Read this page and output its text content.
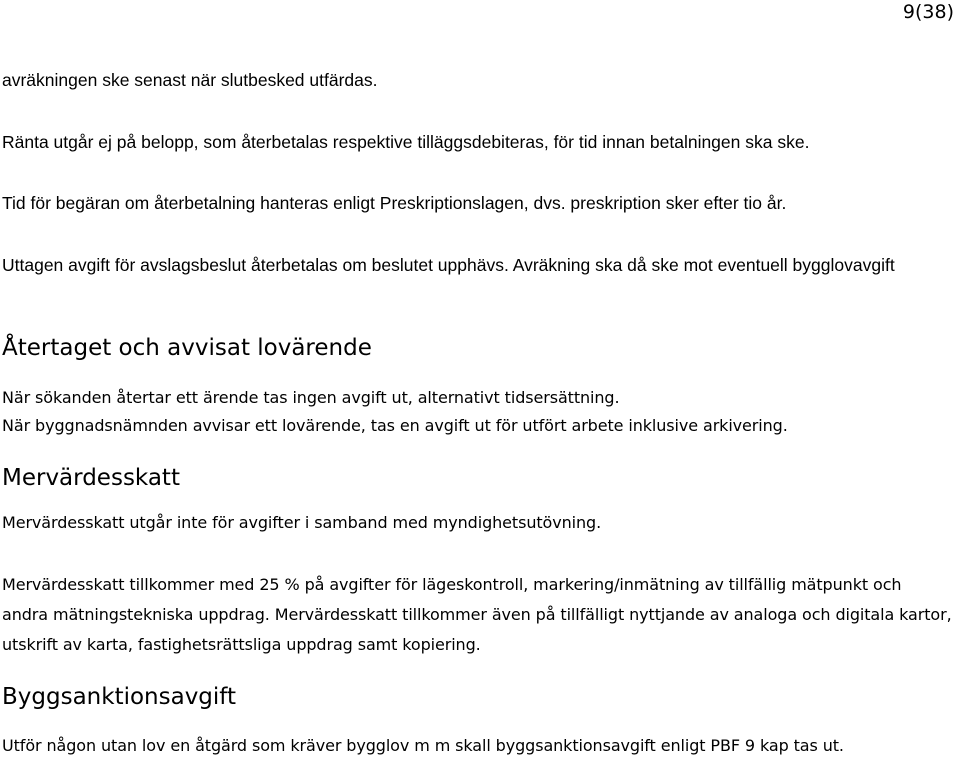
9(38)

avräkningen ske senast när slutbesked utfärdas.

Ränta utgår ej på belopp, som återbetalas respektive tilläggsdebiteras, för tid innan betalningen ska ske.

Tid för begäran om återbetalning hanteras enligt Preskriptionslagen, dvs. preskription sker efter tio år.

Uttagen avgift för avslagsbeslut återbetalas om beslutet upphävs. Avräkning ska då ske mot eventuell bygglovavgift

Återtaget och avvisat lovärende

När sökanden återtar ett ärende tas ingen avgift ut, alternativt tidsersättning.

När byggnadsnämnden avvisar ett lovärende, tas en avgift ut för utfört arbete inklusive arkivering.

Mervärdesskatt

Mervärdesskatt utgår inte för avgifter i samband med myndighetsutövning.

Mervärdesskatt tillkommer med 25 % på avgifter för lägeskontroll, markering/inmätning av tillfällig mätpunkt och andra mätningstekniska uppdrag. Mervärdesskatt tillkommer även på tillfälligt nyttjande av analoga och digitala kartor, utskrift av karta, fastighetsrättsliga uppdrag samt kopiering.

Byggsanktionsavgift

Utför någon utan lov en åtgärd som kräver bygglov m m skall byggsanktionsavgift enligt PBF 9 kap tas ut.
